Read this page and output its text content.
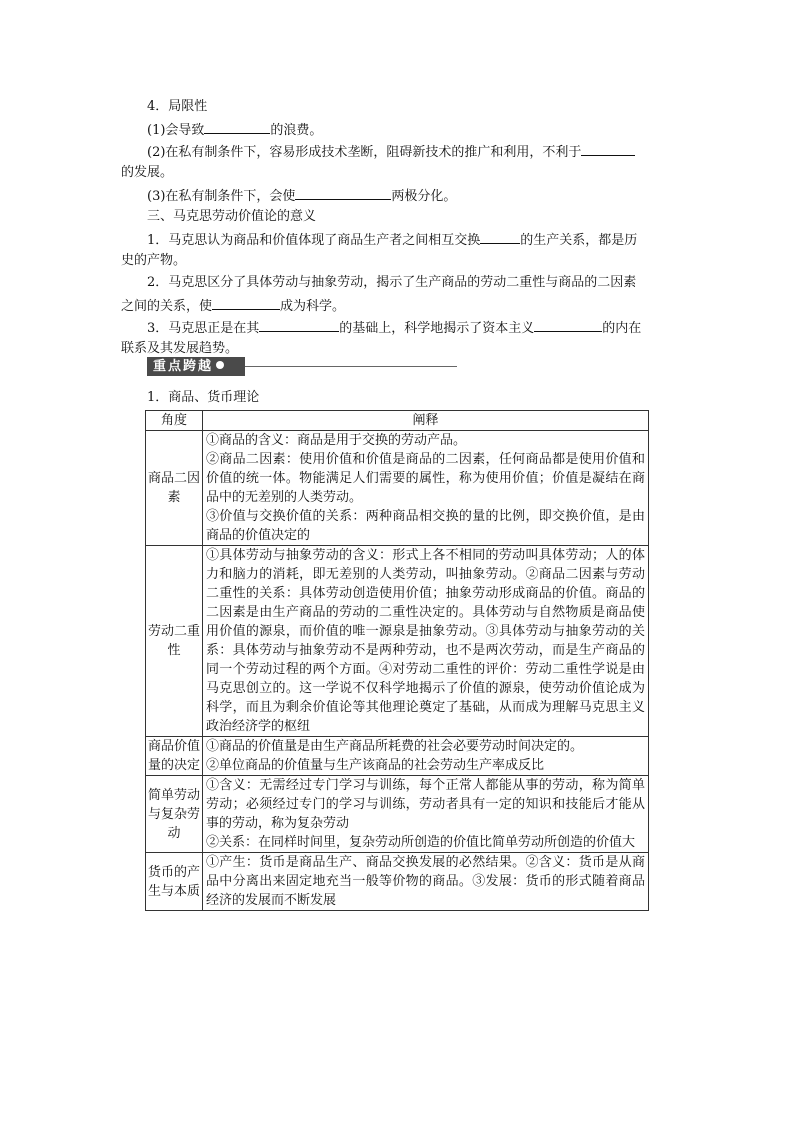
4．局限性
(1)会导致	的浪费。
(2)在私有制条件下，容易形成技术垄断，阻碍新技术的推广和利用，不利于
的发展。
(3)在私有制条件下，会使	两极分化。
三、马克思劳动价值论的意义
1．马克思认为商品和价值体现了商品生产者之间相互交换	的生产关系，都是历
史的产物。
2．马克思区分了具体劳动与抽象劳动，揭示了生产商品的劳动二重性与商品的二因素
之间的关系，使	成为科学。
3．马克思正是在其	的基础上，科学地揭示了资本主义	的内在
联系及其发展趋势。
重点跨越
1．商品、货币理论
角度	阐释
商品二因素	①商品的含义：商品是用于交换的劳动产品。
②商品二因素：使用价值和价值是商品的二因素，任何商品都是使用价值和价值的统一体。物能满足人们需要的属性，称为使用价值；价值是凝结在商品中的无差别的人类劳动。
③价值与交换价值的关系：两种商品相交换的量的比例，即交换价值，是由商品的价值决定的

劳动二重性	①具体劳动与抽象劳动的含义：形式上各不相同的劳动叫具体劳动；人的体力和脑力的消耗，即无差别的人类劳动，叫抽象劳动。②商品二因素与劳动二重性的关系：具体劳动创造使用价值；抽象劳动形成商品的价值。商品的二因素是由生产商品的劳动的二重性决定的。具体劳动与自然物质是商品使用价值的源泉，而价值的唯一源泉是抽象劳动。③具体劳动与抽象劳动的关系：具体劳动与抽象劳动不是两种劳动，也不是两次劳动，而是生产商品的同一个劳动过程的两个方面。④对劳动二重性的评价：劳动二重性学说是由马克思创立的。这一学说不仅科学地揭示了价值的源泉，使劳动价值论成为科学，而且为剩余价值论等其他理论奠定了基础，从而成为理解马克思主义政治经济学的枢纽

商品价值量的决定	①商品的价值量是由生产商品所耗费的社会必要劳动时间决定的。
②单位商品的价值量与生产该商品的社会劳动生产率成反比

简单劳动与复杂劳动	①含义：无需经过专门学习与训练，每个正常人都能从事的劳动，称为简单劳动；必须经过专门的学习与训练，劳动者具有一定的知识和技能后才能从事的劳动，称为复杂劳动
②关系：在同样时间里，复杂劳动所创造的价值比简单劳动所创造的价值大

货币的产生与本质	①产生：货币是商品生产、商品交换发展的必然结果。②含义：货币是从商品中分离出来固定地充当一般等价物的商品。③发展：货币的形式随着商品经济的发展而不断发展
